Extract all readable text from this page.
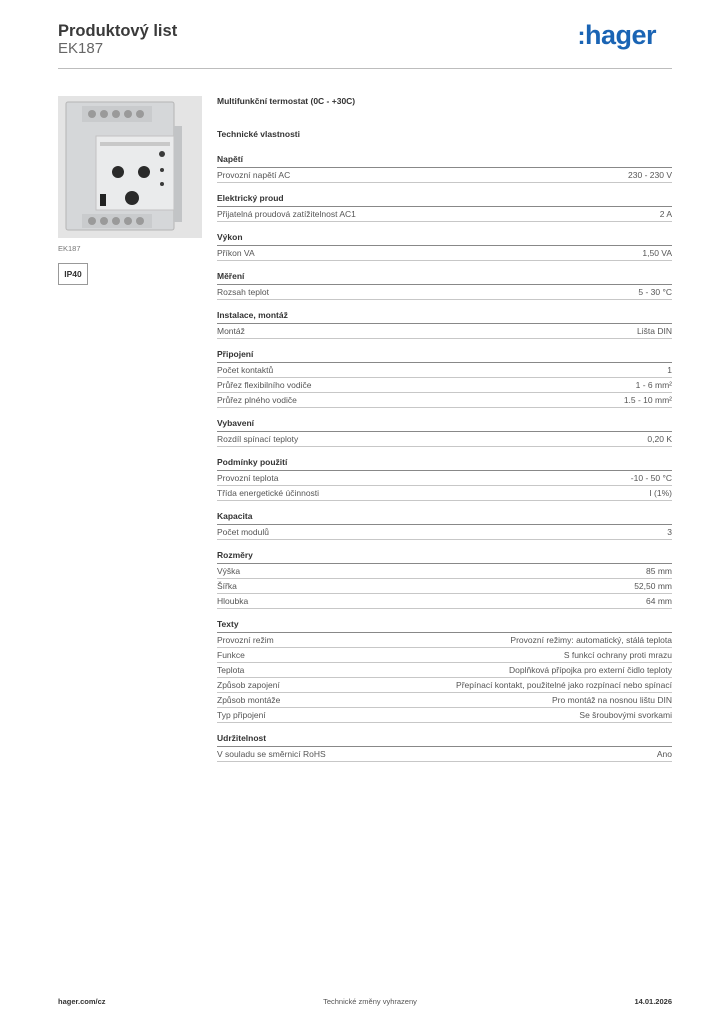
Produktový list
EK187	:hager
EK187
IP40
Multifunkční termostat (0C - +30C)
Technické vlastnosti
Napětí
Provozní napětí AC	230 - 230 V
Elektrický proud
Přijatelná proudová zatížitelnost AC1	2 A
Výkon
Příkon VA	1,50 VA
Měření
Rozsah teplot	5 - 30 °C
Instalace, montáž
Montáž	Lišta DIN
Připojení
Počet kontaktů	1
Průřez flexibilního vodiče	1 - 6 mm²
Průřez plného vodiče	1.5 - 10 mm²
Vybavení
Rozdíl spínací teploty	0,20 K
Podmínky použití
Provozní teplota	-10 - 50 °C
Třída energetické účinnosti	I (1%)
Kapacita
Počet modulů	3
Rozměry
Výška	85 mm
Šířka	52,50 mm
Hloubka	64 mm
Texty
Provozní režim	Provozní režimy: automatický, stálá teplota
Funkce	S funkcí ochrany proti mrazu
Teplota	Doplňková přípojka pro externí čidlo teploty
Způsob zapojení	Přepínací kontakt, použitelné jako rozpínací nebo spínací
Způsob montáže	Pro montáž na nosnou lištu DIN
Typ připojení	Se šroubovými svorkami
Udržitelnost
V souladu se směrnicí RoHS	Ano
hager.com/cz	Technické změny vyhrazeny	14.01.2026
